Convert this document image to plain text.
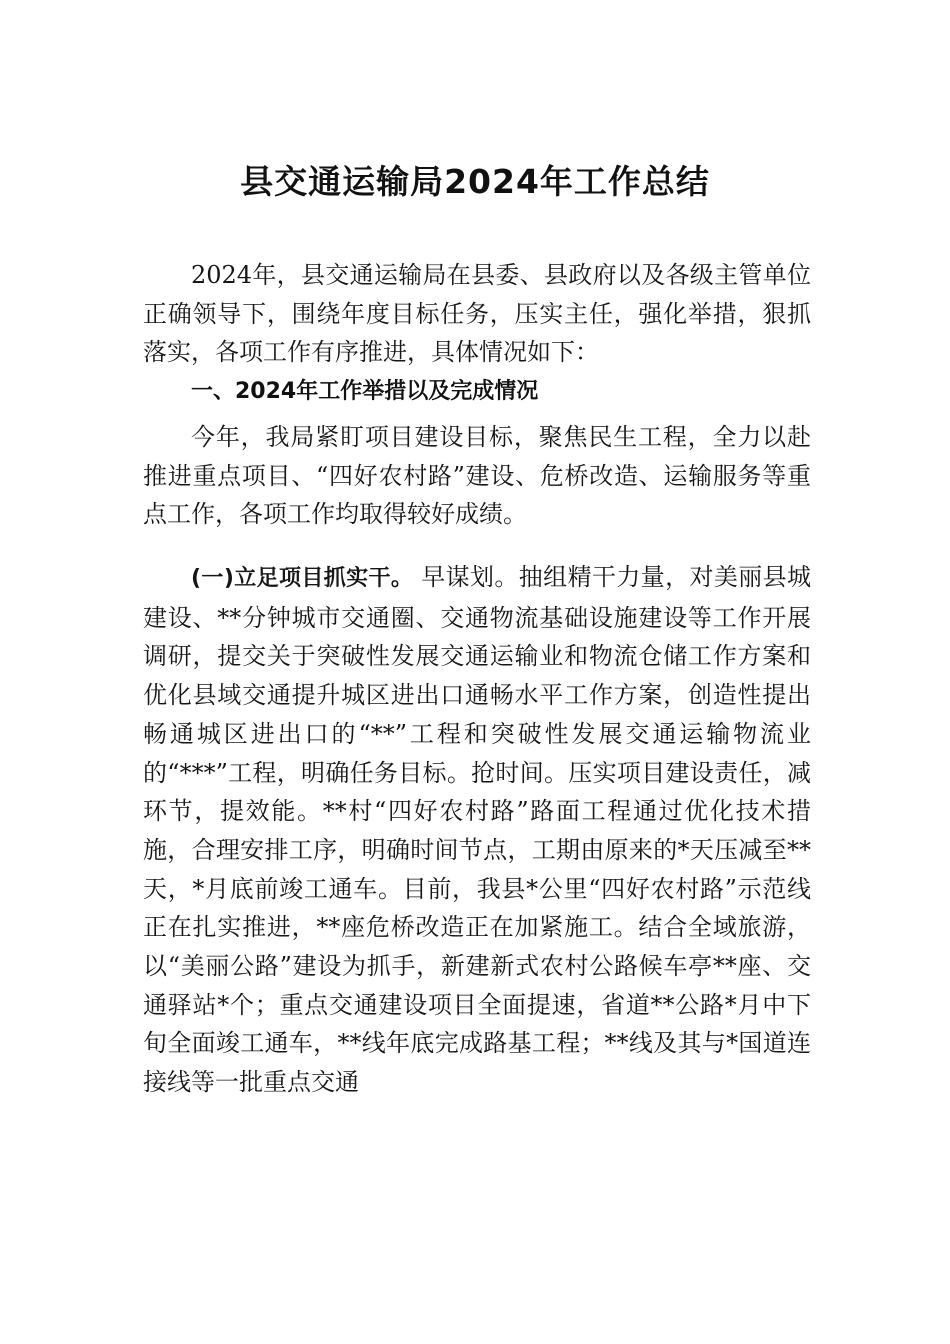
县交通运输局2024年工作总结

2024年，县交通运输局在县委、县政府以及各级主管单位正确领导下，围绕年度目标任务，压实主任，强化举措，狠抓落实，各项工作有序推进，具体情况如下：

一、2024年工作举措以及完成情况

今年，我局紧盯项目建设目标，聚焦民生工程，全力以赴推进重点项目、“四好农村路”建设、危桥改造、运输服务等重点工作，各项工作均取得较好成绩。

(一)立足项目抓实干。 早谋划。抽组精干力量，对美丽县城建设、**分钟城市交通圈、交通物流基础设施建设等工作开展调研，提交关于突破性发展交通运输业和物流仓储工作方案和优化县域交通提升城区进出口通畅水平工作方案，创造性提出畅通城区进出口的“**”工程和突破性发展交通运输物流业的“***”工程，明确任务目标。抢时间。压实项目建设责任，减环节，提效能。**村“四好农村路”路面工程通过优化技术措施，合理安排工序，明确时间节点，工期由原来的*天压减至**天，*月底前竣工通车。目前，我县*公里“四好农村路”示范线正在扎实推进，**座危桥改造正在加紧施工。结合全域旅游，以“美丽公路”建设为抓手，新建新式农村公路候车亭**座、交通驿站*个；重点交通建设项目全面提速，省道**公路*月中下旬全面竣工通车，**线年底完成路基工程；**线及其与*国道连接线等一批重点交通
